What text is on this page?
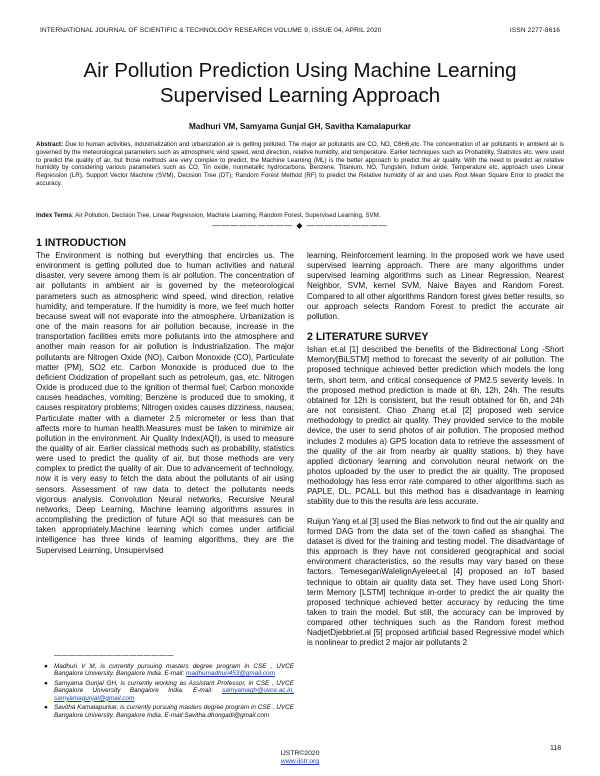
INTERNATIONAL JOURNAL OF SCIENTIFIC & TECHNOLOGY RESEARCH VOLUME 9, ISSUE 04, APRIL 2020	ISSN 2277-8616
Air Pollution Prediction Using Machine Learning
Supervised Learning Approach
Madhuri VM, Samyama Gunjal GH, Savitha Kamalapurkar
Abstract: Due to human activities, industrialization and urbanization air is getting polluted. The major air pollutants are CO, NO, C6H6,etc. The concentration of air pollutants in ambient air is governed by the meteorological parameters such as atmospheric wind speed, wind direction, relative humidity, and temperature. Earlier techniques such as Probability, Statistics etc. were used to predict the quality of air, but those methods are very complex to predict, the Machine Learning (ML) is the better approach to predict the air quality. With the need to predict air relative humidity by considering various parameters such as CO, Tin oxide, nonmetallic hydrocarbons, Benzene, Titanium, NO, Tungsten, Indium oxide, Temperature etc, approach uses Linear Regression (LR), Support Vector Machine (SVM), Decision Tree (DT), Random Forest Method (RF) to predict the Relative humidity of air and uses Root Mean Square Error to predict the accuracy.
Index Terms: Air Pollution, Decision Tree, Linear Regression, Machine Learning, Random Forest, Supervised Learning, SVM.
————————— ◆ —————————
1 INTRODUCTION
The Environment is nothing but everything that encircles us. The environment is getting polluted due to human activities and natural disaster, very severe among them is air pollution. The concentration of air pollutants in ambient air is governed by the meteorological parameters such as atmospheric wind speed, wind direction, relative humidity, and temperature. If the humidity is more, we feel much hotter because sweat will not evaporate into the atmosphere. Urbanization is one of the main reasons for air pollution because, increase in the transportation facilities emits more pollutants into the atmosphere and another main reason for air pollution is Industrialization. The major pollutants are Nitrogen Oxide (NO), Carbon Monoxide (CO), Particulate matter (PM), SO2 etc. Carbon Monoxide is produced due to the deficient Oxidization of propellant such as petroleum, gas, etc. Nitrogen Oxide is produced due to the ignition of thermal fuel; Carbon monoxide causes headaches, vomiting; Benzene is produced due to smoking, it causes respiratory problems; Nitrogen oxides causes dizziness, nausea; Particulate matter with a diameter 2.5 micrometer or less than that affects more to human health.Measures must be taken to minimize air pollution in the environment. Air Quality Index(AQI), is used to measure the quality of air. Earlier classical methods such as probability, statistics were used to predict the quality of air, but those methods are very complex to predict the quality of air. Due to advancement of technology, now it is very easy to fetch the data about the pollutants of air using sensors. Assessment of raw data to detect the pollutants needs vigorous analysis. Convolution Neural networks, Recursive Neural networks, Deep Learning, Machine learning algorithms assures in accomplishing the prediction of future AQI so that measures can be taken appropriately.Machine learning which comes under artificial intelligence has three kinds of learning algorithms, they are the Supervised Learning, Unsupervised
learning, Reinforcement learning. In the proposed work we have used supervised learning approach. There are many algorithms under supervised learning algorithms such as Linear Regression, Nearest Neighbor, SVM, kernel SVM, Naive Bayes and Random Forest. Compared to all other algorithms Random forest gives better results, so our approach selects Random Forest to predict the accurate air pollution.
2 LITERATURE SURVEY
Ishan et.al [1] described the benefits of the Bidirectional Long -Short Memory[BiLSTM] method to forecast the severity of air pollution. The proposed technique achieved better prediction which models the long term, short term, and critical consequence of PM2.5 severity levels. In the proposed method prediction is made at 6h, 12h, 24h. The results obtained for 12h is consistent, but the result obtained for 6h, and 24h are not consistent. Chao Zhang et.al [2] proposed web service methodology to predict air quality. They provided service to the mobile device, the user to send photos of air pollution. The proposed method includes 2 modules a) GPS location data to retrieve the assessment of the quality of the air from nearby air quality stations. b) they have applied dictionary learning and convolution neural network on the photos uploaded by the user to predict the air quality. The proposed methodology has less error rate compared to other algorithms such as PAPLE, DL, PCALL but this method has a disadvantage in learning stability due to this the results are less accurate.
Ruijun Yang et.al [3] used the Bias network to find out the air quality and formed DAG from the data set of the town called as shanghai. The dataset is dived for the training and testing model. The disadvantage of this approach is they have not considered geographical and social environment characteristics, so the results may vary based on these factors. TemeseganWalelignAyeleet.al [4] proposed an IoT based technique to obtain air quality data set. They have used Long Short-term Memory [LSTM] technique in-order to predict the air quality the proposed technique achieved better accuracy by reducing the time taken to train the model. But still, the accuracy can be improved by compared other techniques such as the Random forest method NadjetDjebbriet.al [5] proposed artificial based Regressive model which is nonlinear to predict 2 major air pollutants 2
————————————————
● Madhuri V M, is currently pursuing masters degree program in CSE , UVCE Bangalore University. Bangalore India. E-mail: madhumadhuri453@gmail.com
● Samyama Gunjal GH, is currently working as Assistant Professor, in CSE , UVCE Bangalore University Bangalore India. E-mail: samyamagh@uvce.ac.in, samyamagunjal@gmail.com
● Savitha Kamalapurkar, is currently pursuing masters degree program in CSE , UVCE Bangalore University. Bangalore India. E-mail:Savitha.dhongadi@gmail.com
118
IJSTR©2020
www.ijstr.org
